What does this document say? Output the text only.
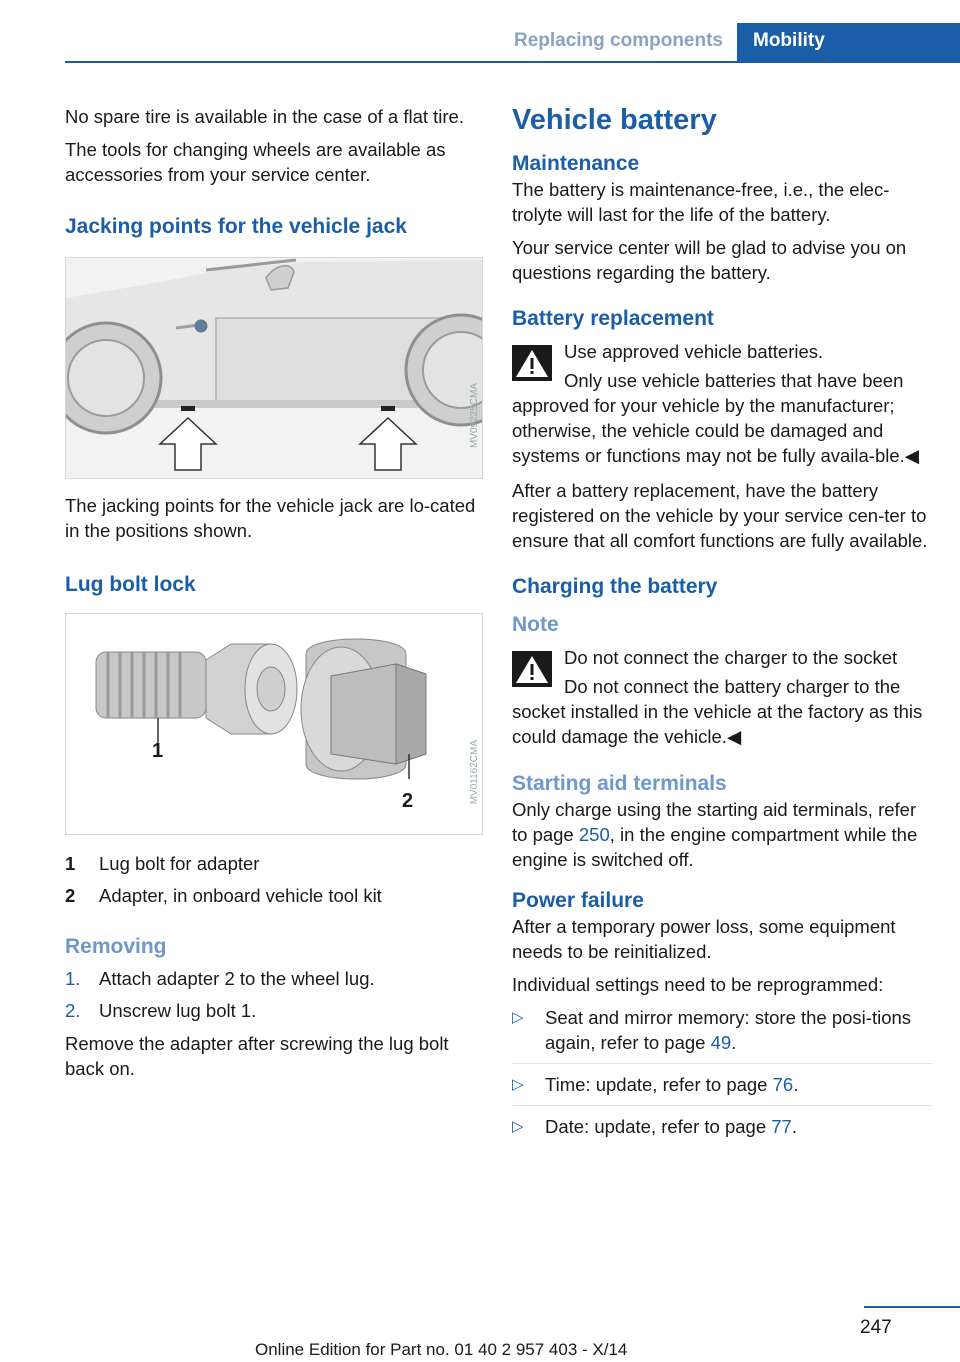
Replacing components	Mobility

No spare tire is available in the case of a flat tire.

The tools for changing wheels are available as accessories from your service center.

Jacking points for the vehicle jack
MV09225CMA

The jacking points for the vehicle jack are lo‐cated in the positions shown.

Lug bolt lock
1
2	MV01162CMA
1	Lug bolt for adapter
2	Adapter, in onboard vehicle tool kit
Removing
1.	Attach adapter 2 to the wheel lug.
2.	Unscrew lug bolt 1.

Remove the adapter after screwing the lug bolt back on.

Vehicle battery
Maintenance

The battery is maintenance-free, i.e., the elec‐trolyte will last for the life of the battery.

Your service center will be glad to advise you on questions regarding the battery.

Battery replacement

Use approved vehicle batteries.

Only use vehicle batteries that have been approved for your vehicle by the manufacturer; otherwise, the vehicle could be damaged and systems or functions may not be fully availa‐ble.◀

After a battery replacement, have the battery registered on the vehicle by your service cen‐ter to ensure that all comfort functions are fully available.

Charging the battery
Note

Do not connect the charger to the socket

Do not connect the battery charger to the socket installed in the vehicle at the factory as this could damage the vehicle.◀

Starting aid terminals

Only charge using the starting aid terminals, refer to page 250, in the engine compartment while the engine is switched off.

Power failure

After a temporary power loss, some equipment needs to be reinitialized.

Individual settings need to be reprogrammed:

▷	Seat and mirror memory: store the posi‐tions again, refer to page 49.
▷	Time: update, refer to page 76.
▷	Date: update, refer to page 77.
247
Online Edition for Part no. 01 40 2 957 403 - X/14
